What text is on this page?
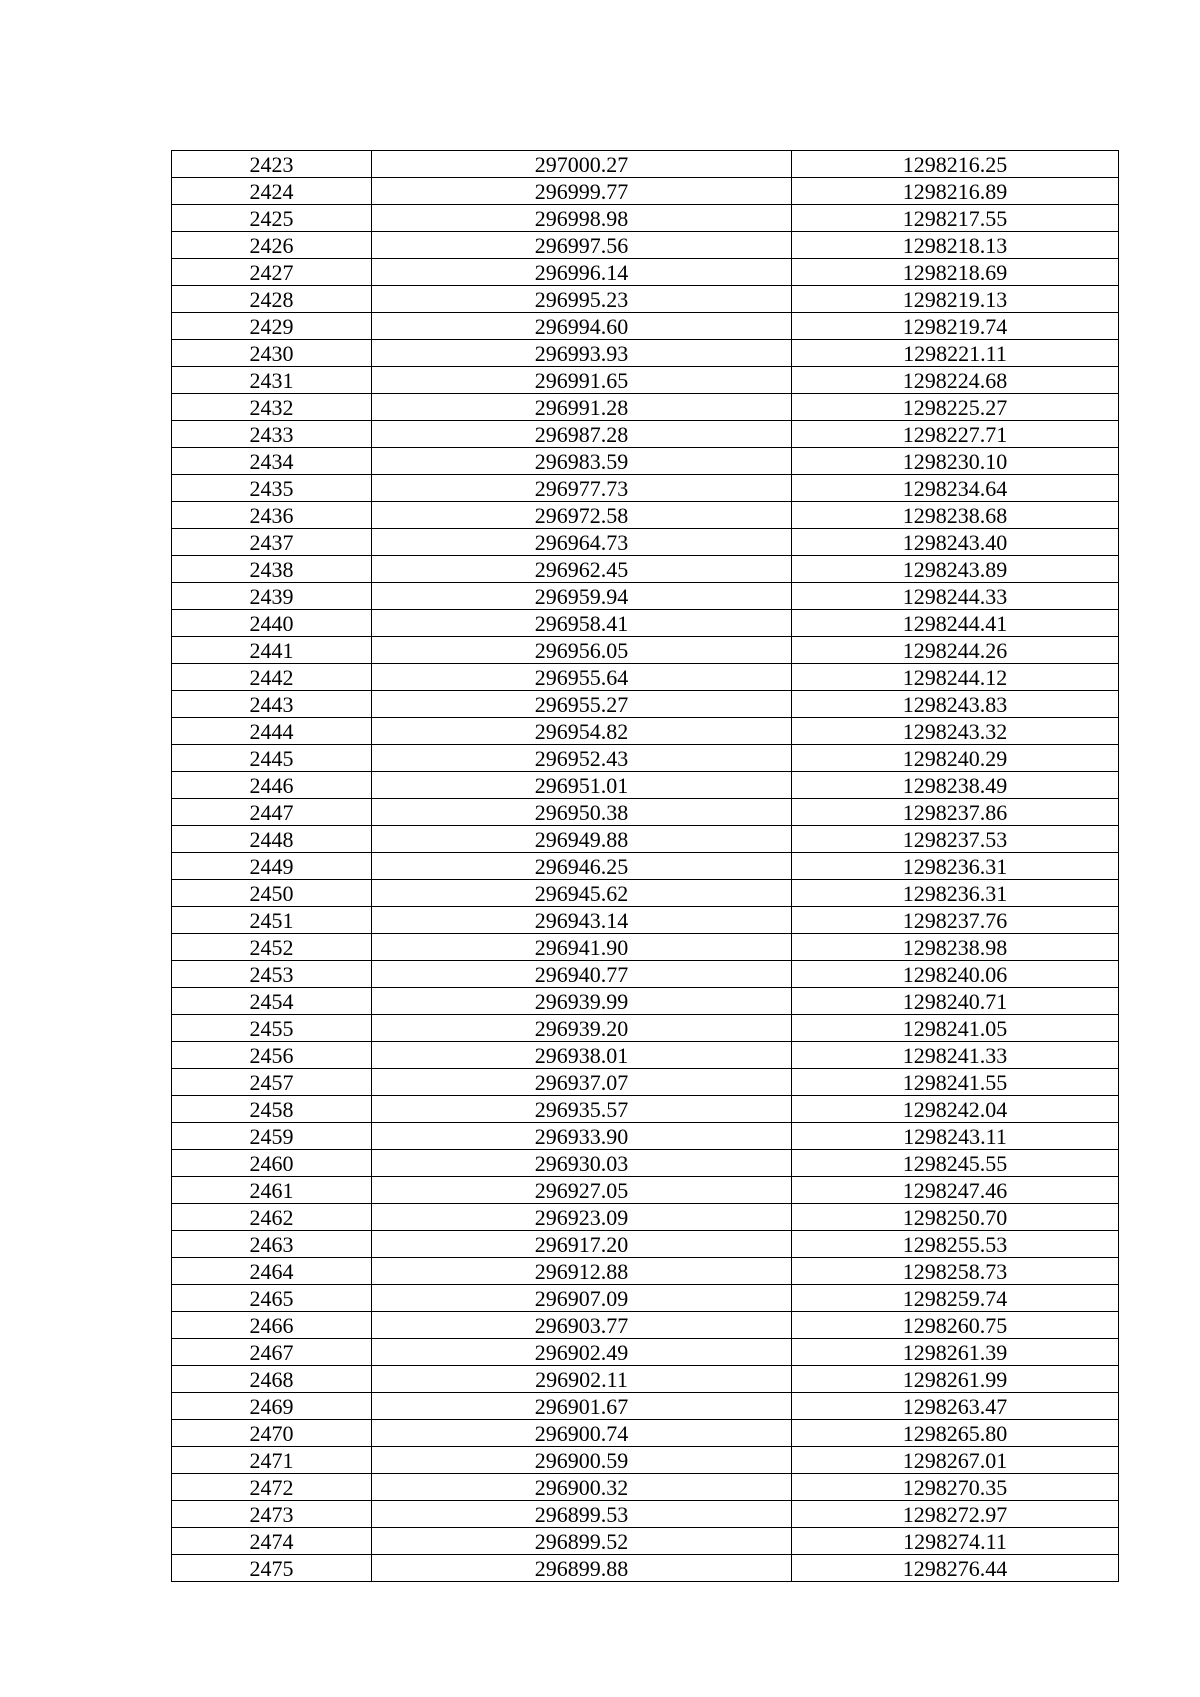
2423	297000.27	1298216.25
2424	296999.77	1298216.89
2425	296998.98	1298217.55
2426	296997.56	1298218.13
2427	296996.14	1298218.69
2428	296995.23	1298219.13
2429	296994.60	1298219.74
2430	296993.93	1298221.11
2431	296991.65	1298224.68
2432	296991.28	1298225.27
2433	296987.28	1298227.71
2434	296983.59	1298230.10
2435	296977.73	1298234.64
2436	296972.58	1298238.68
2437	296964.73	1298243.40
2438	296962.45	1298243.89
2439	296959.94	1298244.33
2440	296958.41	1298244.41
2441	296956.05	1298244.26
2442	296955.64	1298244.12
2443	296955.27	1298243.83
2444	296954.82	1298243.32
2445	296952.43	1298240.29
2446	296951.01	1298238.49
2447	296950.38	1298237.86
2448	296949.88	1298237.53
2449	296946.25	1298236.31
2450	296945.62	1298236.31
2451	296943.14	1298237.76
2452	296941.90	1298238.98
2453	296940.77	1298240.06
2454	296939.99	1298240.71
2455	296939.20	1298241.05
2456	296938.01	1298241.33
2457	296937.07	1298241.55
2458	296935.57	1298242.04
2459	296933.90	1298243.11
2460	296930.03	1298245.55
2461	296927.05	1298247.46
2462	296923.09	1298250.70
2463	296917.20	1298255.53
2464	296912.88	1298258.73
2465	296907.09	1298259.74
2466	296903.77	1298260.75
2467	296902.49	1298261.39
2468	296902.11	1298261.99
2469	296901.67	1298263.47
2470	296900.74	1298265.80
2471	296900.59	1298267.01
2472	296900.32	1298270.35
2473	296899.53	1298272.97
2474	296899.52	1298274.11
2475	296899.88	1298276.44
